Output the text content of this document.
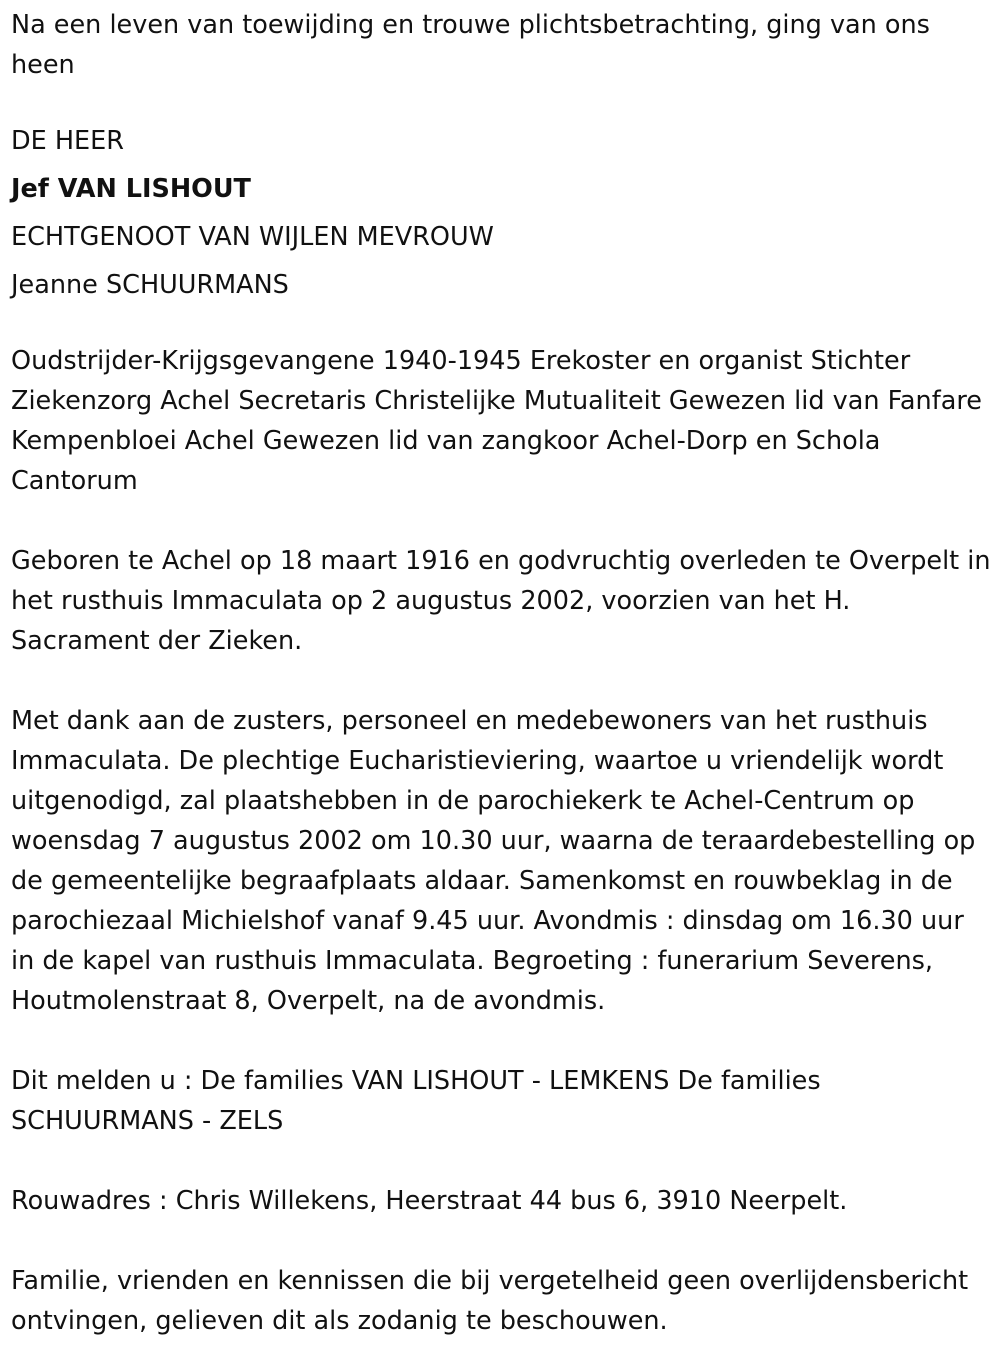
Na een leven van toewijding en trouwe plichtsbetrachting, ging van ons heen

DE HEER

Jef VAN LISHOUT

ECHTGENOOT VAN WIJLEN MEVROUW

Jeanne SCHUURMANS

Oudstrijder-Krijgsgevangene 1940-1945 Erekoster en organist Stichter Ziekenzorg Achel Secretaris Christelijke Mutualiteit Gewezen lid van Fanfare Kempenbloei Achel Gewezen lid van zangkoor Achel-Dorp en Schola Cantorum

Geboren te Achel op 18 maart 1916 en godvruchtig overleden te Overpelt in het rusthuis Immaculata op 2 augustus 2002, voorzien van het H. Sacrament der Zieken.

Met dank aan de zusters, personeel en medebewoners van het rusthuis Immaculata. De plechtige Eucharistieviering, waartoe u vriendelijk wordt uitgenodigd, zal plaatshebben in de parochiekerk te Achel-Centrum op woensdag 7 augustus 2002 om 10.30 uur, waarna de teraardebestelling op de gemeentelijke begraafplaats aldaar. Samenkomst en rouwbeklag in de parochiezaal Michielshof vanaf 9.45 uur. Avondmis : dinsdag om 16.30 uur in de kapel van rusthuis Immaculata. Begroeting : funerarium Severens, Houtmolenstraat 8, Overpelt, na de avondmis.

Dit melden u : De families VAN LISHOUT - LEMKENS De families SCHUURMANS - ZELS

Rouwadres : Chris Willekens, Heerstraat 44 bus 6, 3910 Neerpelt.

Familie, vrienden en kennissen die bij vergetelheid geen overlijdensbericht ontvingen, gelieven dit als zodanig te beschouwen.
